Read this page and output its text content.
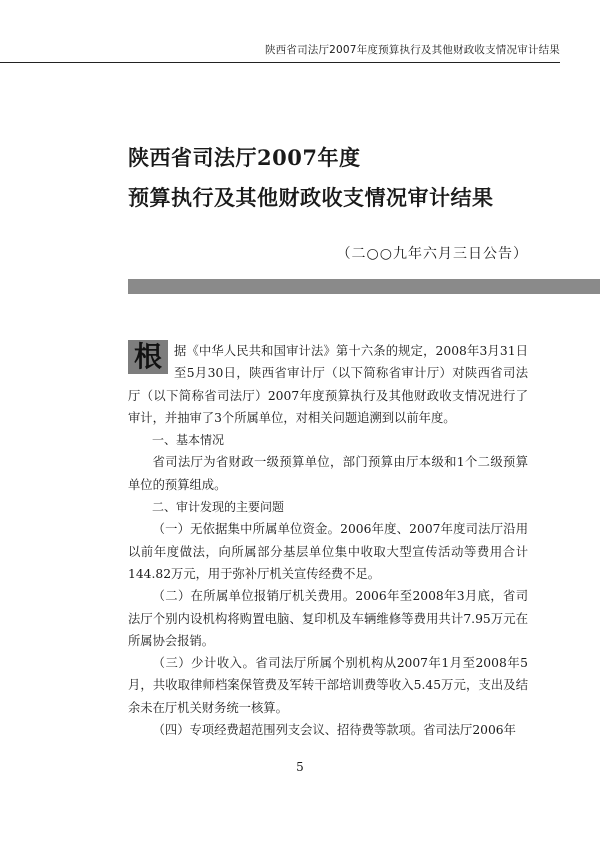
陕西省司法厅2007年度预算执行及其他财政收支情况审计结果
陕西省司法厅2007年度
预算执行及其他财政收支情况审计结果
（二○○九年六月三日公告）

根 据《中华人民共和国审计法》第十六条的规定，2008年3月31日至5月30日，陕西省审计厅（以下简称省审计厅）对陕西省司法厅（以下简称省司法厅）2007年度预算执行及其他财政收支情况进行了审计，并抽审了3个所属单位，对相关问题追溯到以前年度。

一、基本情况

省司法厅为省财政一级预算单位，部门预算由厅本级和1个二级预算单位的预算组成。

二、审计发现的主要问题

（一）无依据集中所属单位资金。2006年度、2007年度司法厅沿用以前年度做法，向所属部分基层单位集中收取大型宣传活动等费用合计144.82万元，用于弥补厅机关宣传经费不足。

（二）在所属单位报销厅机关费用。2006年至2008年3月底，省司法厅个别内设机构将购置电脑、复印机及车辆维修等费用共计7.95万元在所属协会报销。

（三）少计收入。省司法厅所属个别机构从2007年1月至2008年5月，共收取律师档案保管费及军转干部培训费等收入5.45万元，支出及结余未在厅机关财务统一核算。

（四）专项经费超范围列支会议、招待费等款项。省司法厅2006年

5
